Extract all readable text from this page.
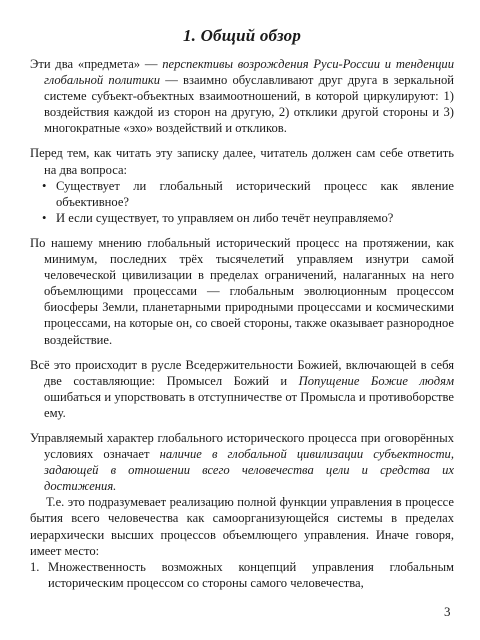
1. Общий обзор

Эти два «предмета» — перспективы возрождения Руси-России и тенденции глобальной политики — взаимно обуславливают друг друга в зеркальной системе субъект-объектных взаимоотношений, в которой циркулируют: 1) воздействия каждой из сторон на другую, 2) отклики другой стороны и 3) многократные «эхо» воздействий и откликов.

Перед тем, как читать эту записку далее, читатель должен сам себе ответить на два вопроса:

• Существует ли глобальный исторический процесс как явление объективное?
• И если существует, то управляем он либо течёт неуправляемо?

По нашему мнению глобальный исторический процесс на протяжении, как минимум, последних трёх тысячелетий управляем изнутри самой человеческой цивилизации в пределах ограничений, налаганных на него объемлющими процессами — глобальным эволюционным процессом биосферы Земли, планетарными природными процессами и космическими процессами, на которые он, со своей стороны, также оказывает разнородное воздействие.

Всё это происходит в русле Вседержительности Божией, включающей в себя две составляющие: Промысел Божий и Попущение Божие людям ошибаться и упорствовать в отступничестве от Промысла и противоборстве ему.

Управляемый характер глобального исторического процесса при оговорённых условиях означает наличие в глобальной цивилизации субъектности, задающей в отношении всего человечества цели и средства их достижения.

Т.е. это подразумевает реализацию полной функции управления в процессе бытия всего человечества как самоорганизующейся системы в пределах иерархически высших процессов объемлющего управления. Иначе говоря, имеет место:

1. Множественность возможных концепций управления глобальным историческим процессом со стороны самого человечества,
3
